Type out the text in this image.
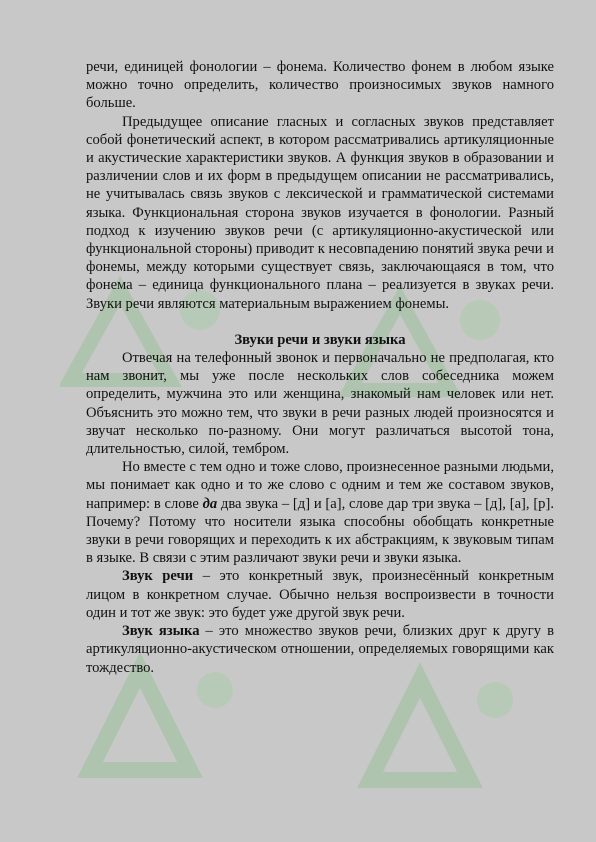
речи, единицей фонологии – фонема. Количество фонем в любом языке можно точно определить, количество произносимых звуков намного больше.

Предыдущее описание гласных и согласных звуков представляет собой фонетический аспект, в котором рассматривались артикуляционные и акустические характеристики звуков. А функция звуков в образовании и различении слов и их форм в предыдущем описании не рассматривались, не учитывалась связь звуков с лексической и грамматической системами языка. Функциональная сторона звуков изучается в фонологии. Разный подход к изучению звуков речи (с артикуляционно-акустической или функциональной стороны) приводит к несовпадению понятий звука речи и фонемы, между которыми существует связь, заключающаяся в том, что фонема – единица функционального плана – реализуется в звуках речи. Звуки речи являются материальным выражением фонемы.

Звуки речи и звуки языка

Отвечая на телефонный звонок и первоначально не предполагая, кто нам звонит, мы уже после нескольких слов собеседника можем определить, мужчина это или женщина, знакомый нам человек или нет. Объяснить это можно тем, что звуки в речи разных людей произносятся и звучат несколько по-разному. Они могут различаться высотой тона, длительностью, силой, тембром.

Но вместе с тем одно и тоже слово, произнесенное разными людьми, мы понимает как одно и то же слово с одним и тем же составом звуков, например: в слове да два звука – [д] и [а], слове дар три звука – [д], [а], [р]. Почему? Потому что носители языка способны обобщать конкретные звуки в речи говорящих и переходить к их абстракциям, к звуковым типам в языке. В связи с этим различают звуки речи и звуки языка.

Звук речи – это конкретный звук, произнесённый конкретным лицом в конкретном случае. Обычно нельзя воспроизвести в точности один и тот же звук: это будет уже другой звук речи.

Звук языка – это множество звуков речи, близких друг к другу в артикуляционно-акустическом отношении, определяемых говорящими как тождество.
